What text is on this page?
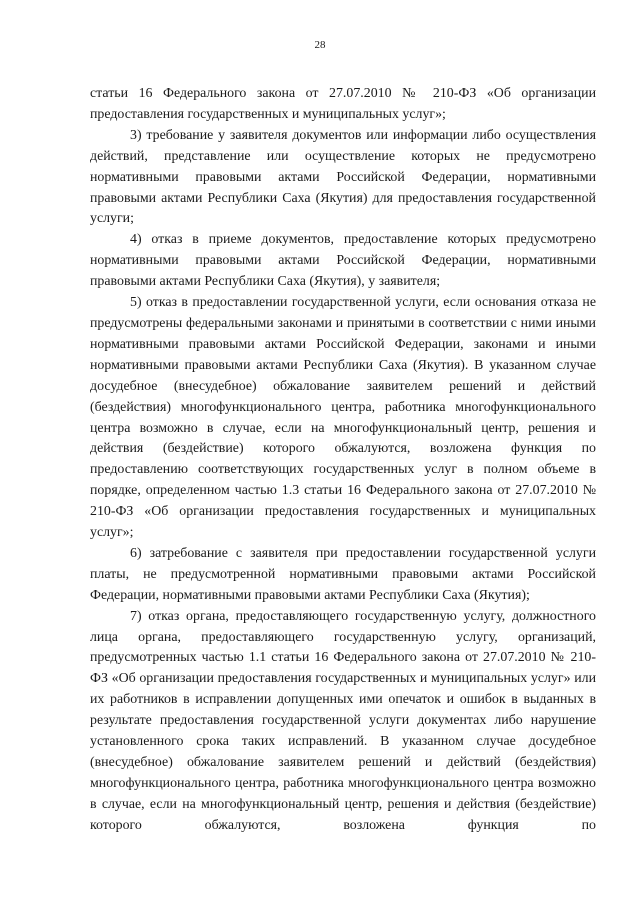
28

статьи 16 Федерального закона от 27.07.2010 № 210-ФЗ «Об организации предоставления государственных и муниципальных услуг»;

3) требование у заявителя документов или информации либо осуществления действий, представление или осуществление которых не предусмотрено нормативными правовыми актами Российской Федерации, нормативными правовыми актами Республики Саха (Якутия) для предоставления государственной услуги;

4) отказ в приеме документов, предоставление которых предусмотрено нормативными правовыми актами Российской Федерации, нормативными правовыми актами Республики Саха (Якутия), у заявителя;

5) отказ в предоставлении государственной услуги, если основания отказа не предусмотрены федеральными законами и принятыми в соответствии с ними иными нормативными правовыми актами Российской Федерации, законами и иными нормативными правовыми актами Республики Саха (Якутия). В указанном случае досудебное (внесудебное) обжалование заявителем решений и действий (бездействия) многофункционального центра, работника многофункционального центра возможно в случае, если на многофункциональный центр, решения и действия (бездействие) которого обжалуются, возложена функция по предоставлению соответствующих государственных услуг в полном объеме в порядке, определенном частью 1.3 статьи 16 Федерального закона от 27.07.2010 № 210-ФЗ «Об организации предоставления государственных и муниципальных услуг»;

6) затребование с заявителя при предоставлении государственной услуги платы, не предусмотренной нормативными правовыми актами Российской Федерации, нормативными правовыми актами Республики Саха (Якутия);

7) отказ органа, предоставляющего государственную услугу, должностного лица органа, предоставляющего государственную услугу, организаций, предусмотренных частью 1.1 статьи 16 Федерального закона от 27.07.2010 № 210-ФЗ «Об организации предоставления государственных и муниципальных услуг» или их работников в исправлении допущенных ими опечаток и ошибок в выданных в результате предоставления государственной услуги документах либо нарушение установленного срока таких исправлений. В указанном случае досудебное (внесудебное) обжалование заявителем решений и действий (бездействия) многофункционального центра, работника многофункционального центра возможно в случае, если на многофункциональный центр, решения и действия (бездействие) которого обжалуются, возложена функция по
